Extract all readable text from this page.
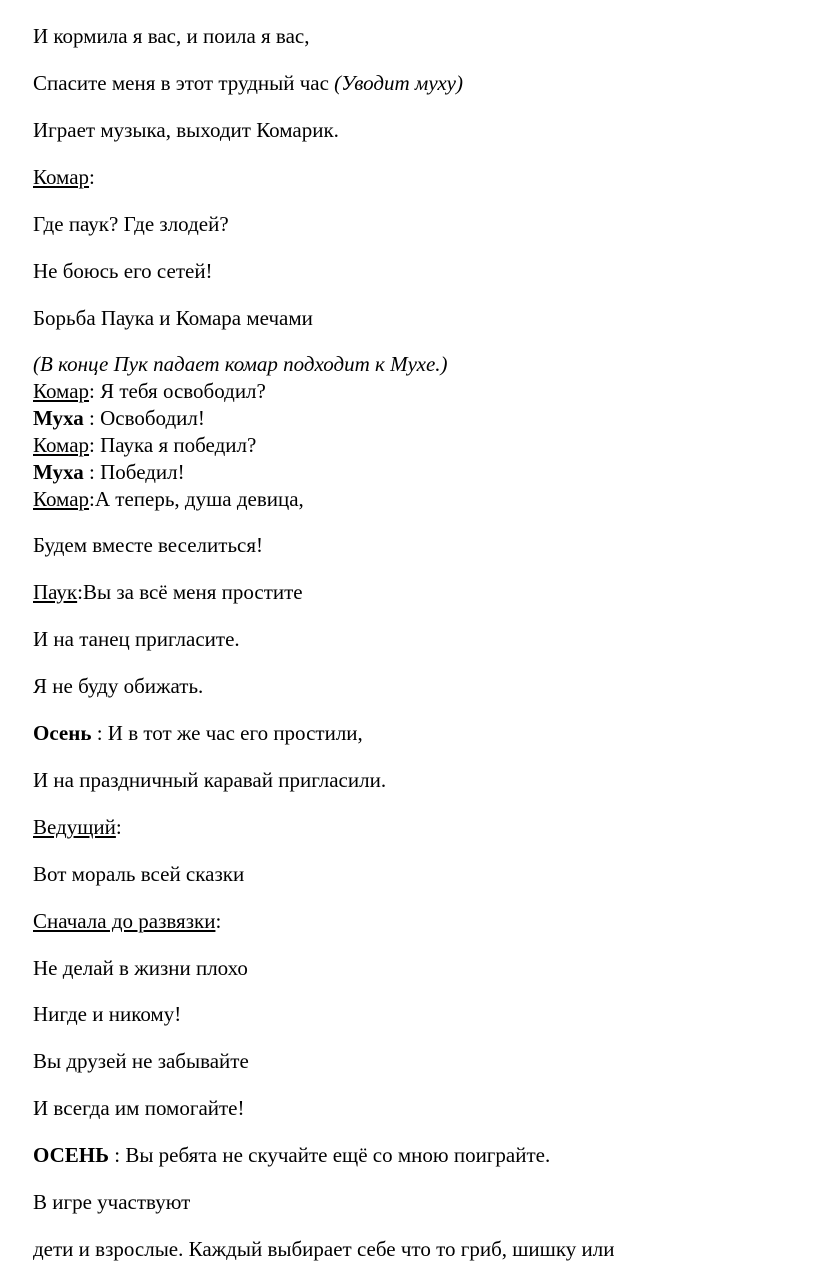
И кормила я вас, и поила я вас,
Спасите меня в этот трудный час (Уводит муху)
Играет музыка, выходит Комарик.
Комар:
Где паук? Где злодей?
Не боюсь его сетей!
Борьба Паука и Комара мечами
(В конце Пук падает комар подходит к Мухе.)
Комар: Я тебя освободил?
Муха : Освободил!
Комар: Паука я победил?
Муха : Победил!
Комар:А теперь, душа девица,
Будем вместе веселиться!
Паук:Вы за всё меня простите
И на танец пригласите.
Я не буду обижать.
Осень : И в тот же час его простили,
И на праздничный каравай пригласили.
Ведущий:
Вот мораль всей сказки
Сначала до развязки:
Не делай в жизни плохо
Нигде и никому!
Вы друзей не забывайте
И всегда им помогайте!
ОСЕНЬ : Вы ребята не скучайте ещё со мною поиграйте.
В игре участвуют
дети и взрослые. Каждый выбирает себе что то гриб, шишку или
